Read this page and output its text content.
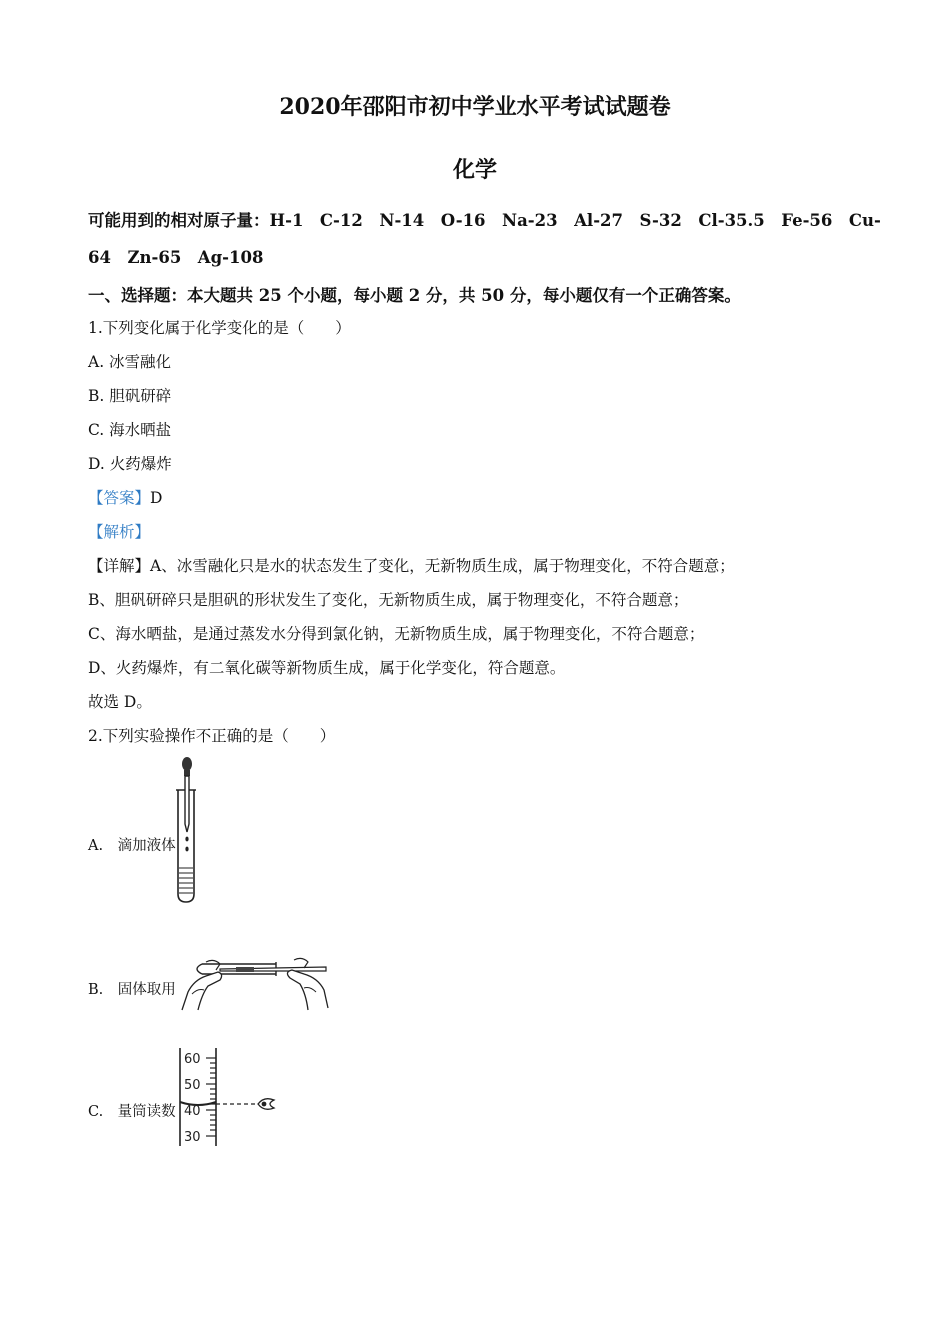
2020年邵阳市初中学业水平考试试题卷
化学
可能用到的相对原子量：H-1　C-12　N-14　O-16　Na-23　Al-27　S-32　Cl-35.5　Fe-56　Cu-
64　Zn-65　Ag-108
一、选择题：本大题共 25 个小题，每小题 2 分，共 50 分，每小题仅有一个正确答案。
1.下列变化属于化学变化的是（　　）
A. 冰雪融化
B. 胆矾研碎
C. 海水晒盐
D. 火药爆炸
【答案】D
【解析】
【详解】A、冰雪融化只是水的状态发生了变化，无新物质生成，属于物理变化，不符合题意；
B、胆矾研碎只是胆矾的形状发生了变化，无新物质生成，属于物理变化，不符合题意；
C、海水晒盐，是通过蒸发水分得到氯化钠，无新物质生成，属于物理变化，不符合题意；
D、火药爆炸，有二氧化碳等新物质生成，属于化学变化，符合题意。
故选 D。
2.下列实验操作不正确的是（　　）
A.　滴加液体
B.　固体取用
C.　量筒读数
60
50
40
30
